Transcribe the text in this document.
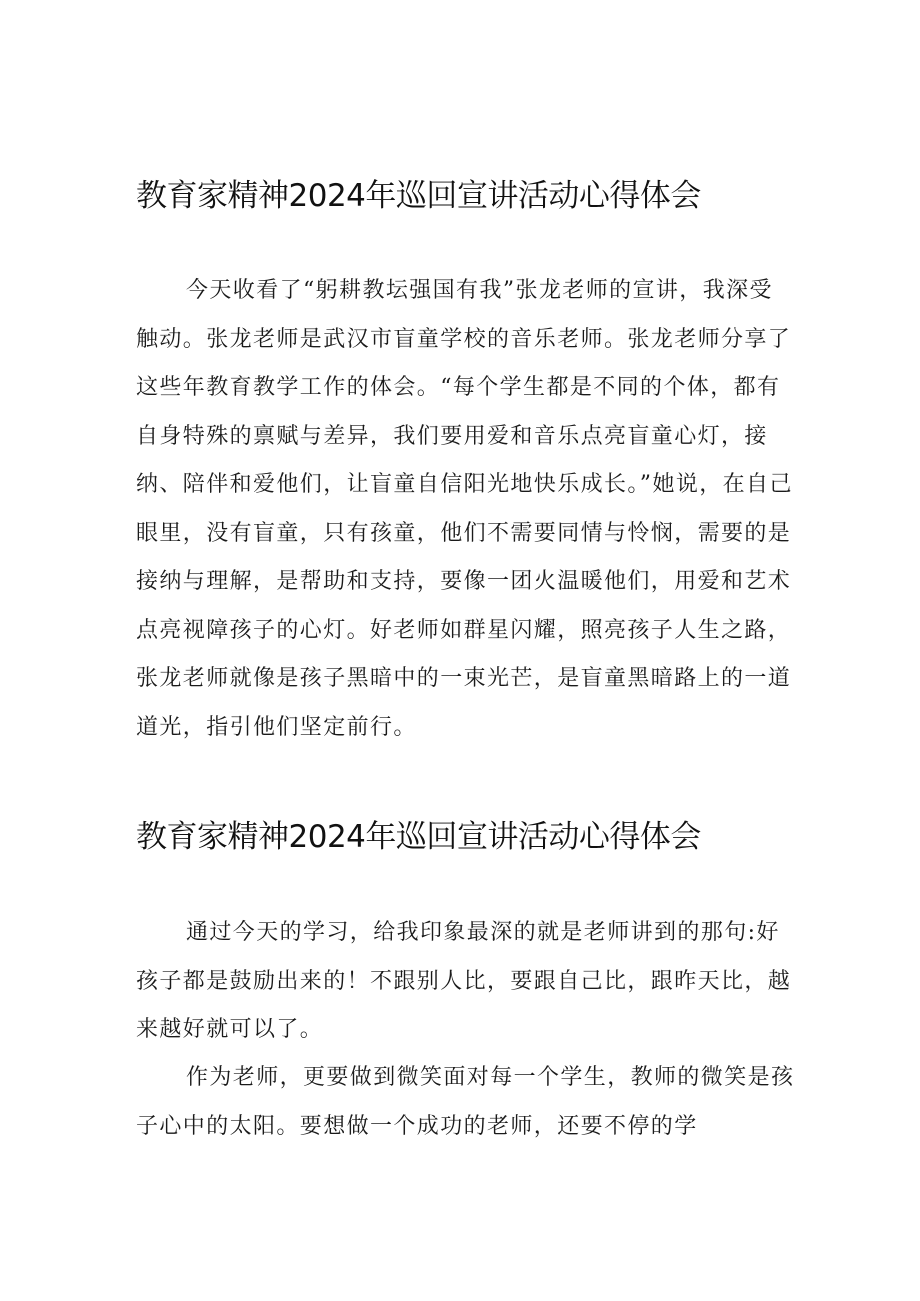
教育家精神2024年巡回宣讲活动心得体会

今天收看了“躬耕教坛强国有我”张龙老师的宣讲，我深受触动。张龙老师是武汉市盲童学校的音乐老师。张龙老师分享了这些年教育教学工作的体会。“每个学生都是不同的个体，都有自身特殊的禀赋与差异，我们要用爱和音乐点亮盲童心灯，接纳、陪伴和爱他们，让盲童自信阳光地快乐成长。”她说，在自己眼里，没有盲童，只有孩童，他们不需要同情与怜悯，需要的是接纳与理解，是帮助和支持，要像一团火温暖他们，用爱和艺术点亮视障孩子的心灯。好老师如群星闪耀，照亮孩子人生之路，张龙老师就像是孩子黑暗中的一束光芒，是盲童黑暗路上的一道道光，指引他们坚定前行。

教育家精神2024年巡回宣讲活动心得体会

通过今天的学习，给我印象最深的就是老师讲到的那句:好孩子都是鼓励出来的！不跟别人比，要跟自己比，跟昨天比，越来越好就可以了。

作为老师，更要做到微笑面对每一个学生，教师的微笑是孩子心中的太阳。要想做一个成功的老师，还要不停的学
